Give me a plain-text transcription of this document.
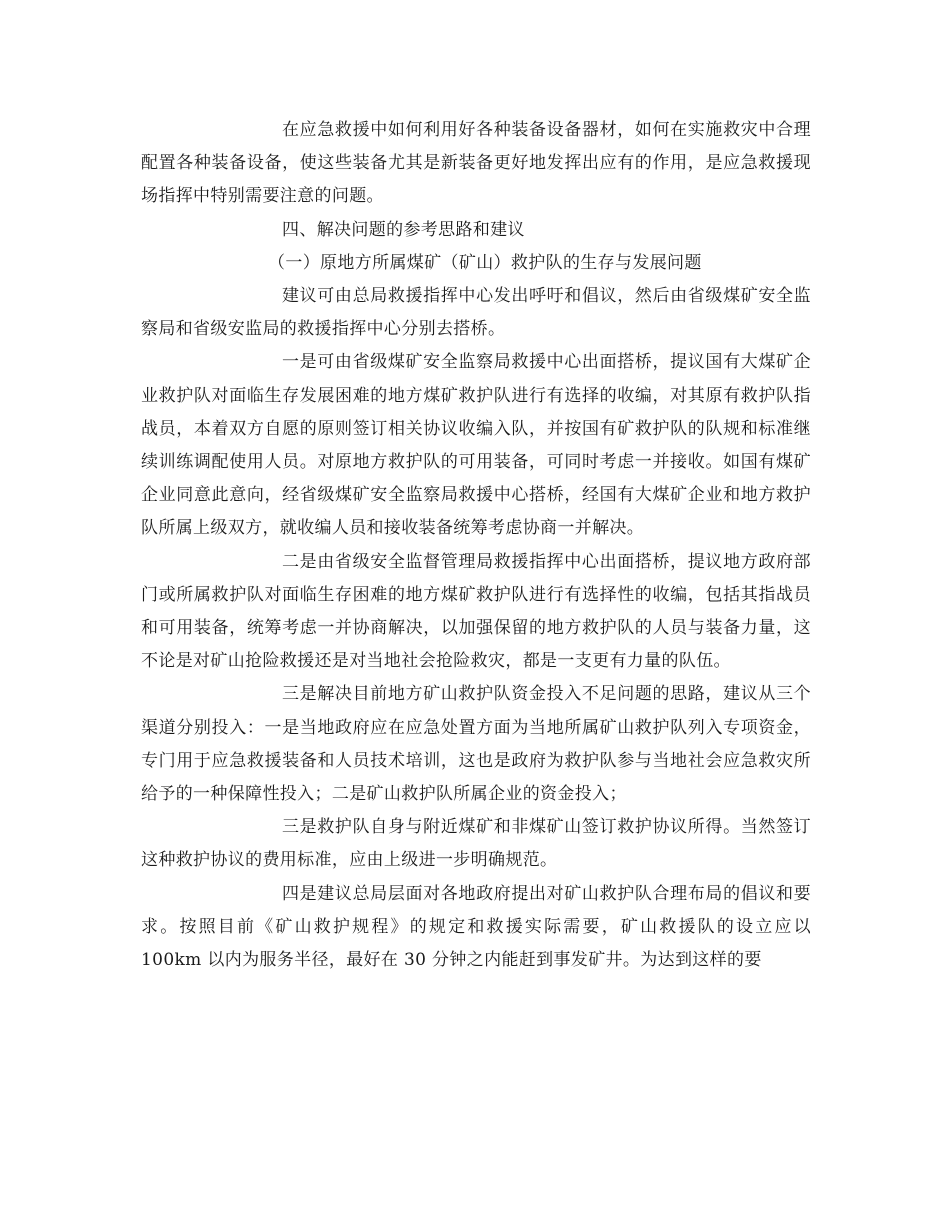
在应急救援中如何利用好各种装备设备器材，如何在实施救灾中合理配置各种装备设备，使这些装备尤其是新装备更好地发挥出应有的作用，是应急救援现场指挥中特别需要注意的问题。

四、解决问题的参考思路和建议

（一）原地方所属煤矿（矿山）救护队的生存与发展问题

建议可由总局救援指挥中心发出呼吁和倡议，然后由省级煤矿安全监察局和省级安监局的救援指挥中心分别去搭桥。

一是可由省级煤矿安全监察局救援中心出面搭桥，提议国有大煤矿企业救护队对面临生存发展困难的地方煤矿救护队进行有选择的收编，对其原有救护队指战员，本着双方自愿的原则签订相关协议收编入队，并按国有矿救护队的队规和标准继续训练调配使用人员。对原地方救护队的可用装备，可同时考虑一并接收。如国有煤矿企业同意此意向，经省级煤矿安全监察局救援中心搭桥，经国有大煤矿企业和地方救护队所属上级双方，就收编人员和接收装备统筹考虑协商一并解决。

二是由省级安全监督管理局救援指挥中心出面搭桥，提议地方政府部门或所属救护队对面临生存困难的地方煤矿救护队进行有选择性的收编，包括其指战员和可用装备，统筹考虑一并协商解决，以加强保留的地方救护队的人员与装备力量，这不论是对矿山抢险救援还是对当地社会抢险救灾，都是一支更有力量的队伍。

三是解决目前地方矿山救护队资金投入不足问题的思路，建议从三个渠道分别投入：一是当地政府应在应急处置方面为当地所属矿山救护队列入专项资金，专门用于应急救援装备和人员技术培训，这也是政府为救护队参与当地社会应急救灾所给予的一种保障性投入；二是矿山救护队所属企业的资金投入；

三是救护队自身与附近煤矿和非煤矿山签订救护协议所得。当然签订这种救护协议的费用标准，应由上级进一步明确规范。

四是建议总局层面对各地政府提出对矿山救护队合理布局的倡议和要求。按照目前《矿山救护规程》的规定和救援实际需要，矿山救援队的设立应以 100km 以内为服务半径，最好在 30 分钟之内能赶到事发矿井。为达到这样的要
